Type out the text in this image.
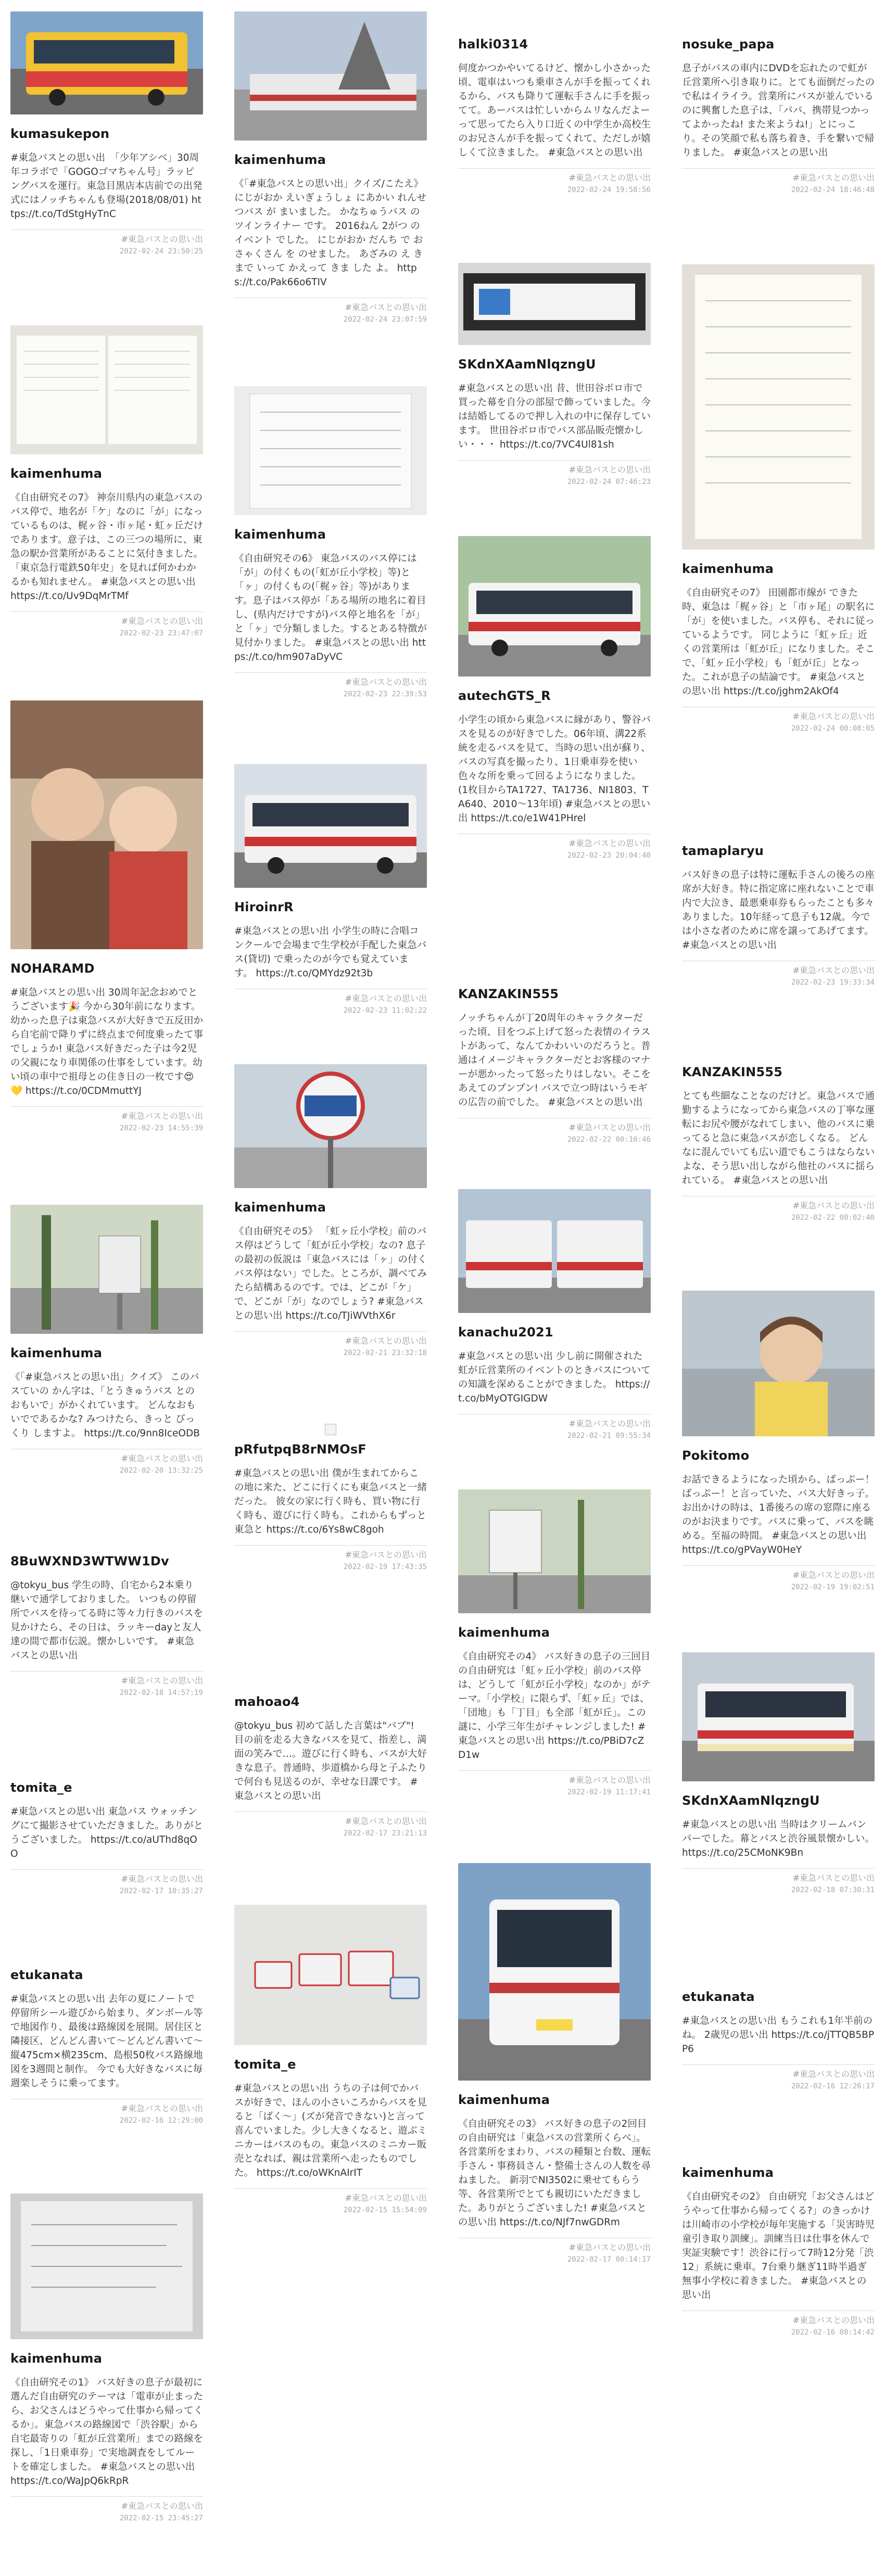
kumasukepon
#東急バスとの思い出　「少年アシベ」30周年コラボで「GOGOゴマちゃん号」ラッピングバスを運行。東急目黒店本店前での出発式にはノッチちゃんも登場(2018/08/01) https://t.co/TdStgHyTnC
#東急バスとの思い出
2022-02-24 23:50:25
kaimenhuma
《自由研究その7》 神奈川県内の東急バスのバス停で、地名が「ケ」なのに「が」になっているものは、梶ヶ谷・市ヶ尾・虹ヶ丘だけであります。意子は、この三つの場所に、東急の駅か営業所があることに気付きました。「東京急行電鉄50年史」を見れば何かわかるかも知れません。 #東急バスとの思い出 https://t.co/Uv9DqMrTMf
#東急バスとの思い出
2022-02-23 23:47:07
NOHARAMD
#東急バスとの思い出 30周年記念おめでとうございます🎉 今から30年前になります。幼かった息子は東急バスが大好きで五反田から自宅前で降りずに終点まで何度乗ったて事でしょうか! 東急バス好きだった子は今2児の父親になり車関係の仕事をしています。幼い頃の車中で祖母との住き日の一枚です😍💛 https://t.co/0CDMmuttYJ
#東急バスとの思い出
2022-02-23 14:55:39
kaimenhuma
《「#東急バスとの思い出」クイズ》 このバスていの かん字は、「とうきゅうバス とのおもいで」がかくれています。 どんなおもいでであるかな? みつけたら、きっと びっくり しますよ。 https://t.co/9nn8IceODB
#東急バスとの思い出
2022-02-20 13:32:25
8BuWXND3WTWW1Dv
@tokyu_bus 学生の時、自宅から2本乗り継いで通学しておりました。 いつもの停留所でバスを待ってる時に等々力行きのバスを見かけたら、その日は、ラッキーdayと友人達の間で都市伝説。懐かしいです。 #東急バスとの思い出
#東急バスとの思い出
2022-02-18 14:57:19
tomita_e
#東急バスとの思い出 東急バス ウォッチングにて撮影させていただきました。ありがとうございました。 https://t.co/aUThd8qOO
#東急バスとの思い出
2022-02-17 10:35:27
etukanata
#東急バスとの思い出 去年の夏にノートで停留所シール遊びから始まり、ダンボール等で地図作り、最後は路線図を展開。居住区と隣接区、どんどん書いて〜どんどん書いて〜縦475cm×横235cm、島根50枚バス路線地図を3週間と制作。 今でも大好きなバスに毎週楽しそうに乗ってます。
#東急バスとの思い出
2022-02-16 12:29:00
kaimenhuma
《自由研究その1》 バス好きの息子が最初に選んだ自由研究のテーマは「電車が止まったら、お父さんはどうやって仕事から帰ってくるか」。東急バスの路線図で「渋谷駅」から自宅最寄りの「虹が丘営業所」までの路線を探し、「1日乗車券」で実地調査をしてルートを確定しました。 #東急バスとの思い出 https://t.co/WaJpQ6kRpR
#東急バスとの思い出
2022-02-15 23:45:27
kaimenhuma
《「#東急バスとの思い出」クイズ/こたえ》 にじがおか えいぎょうしょ にあかい れんせつバス が まいました。 かなちゅうバス の ツインライナー です。 2016ねん 2がつ の イベント でした。 にじがおか だんち で おさゃくさん を のせました。 あざみの え き まで いって かえって きま した よ。 https://t.co/Pak66o6TIV
#東急バスとの思い出
2022-02-24 23:07:59
kaimenhuma
《自由研究その6》 東急バスのバス停には「が」の付くもの(「虹が丘小学校」等)と「ヶ」の付くもの(「梶ヶ谷」等)があります。息子はバス停が「ある場所の地名に着目し、(県内だけですが)バス停と地名を「が」と「ヶ」で分類しました。するとある特徴が見付かりました。 #東急バスとの思い出 https://t.co/hm907aDyVC
#東急バスとの思い出
2022-02-23 22:39:53
HiroinrR
#東急バスとの思い出 小学生の時に合唱コンクールで会場まで生学校が手配した東急バス(貸切) で乗ったのが今でも覚えています。 https://t.co/QMYdz92t3b
#東急バスとの思い出
2022-02-23 11:02:22
kaimenhuma
《自由研究その5》 「虹ヶ丘小学校」前のバス停はどうして「虹が丘小学校」なの? 息子の最初の仮説は「東急バスには「ヶ」の付くバス停はない」でした。ところが、調べてみたら結構あるのです。では、どこが「ケ」で、どこが「が」なのでしょう? #東急バスとの思い出 https://t.co/TJiWVthX6r
#東急バスとの思い出
2022-02-21 23:32:18
pRfutpqB8rNMOsF
#東急バスとの思い出 僕が生まれてからこの地に来た、どこに行くにも東急バスと一緒だった。 彼女の家に行く時も、買い物に行く時も、遊びに行く時も。これからもずっと東急と https://t.co/6Ys8wC8goh
#東急バスとの思い出
2022-02-19 17:43:35
mahoao4
@tokyu_bus 初めて話した言葉は"バブ"! 目の前を走る大きなバスを見て、指差し、満面の笑みで…。遊びに行く時も、バスが大好きな息子。普通時、歩道橋から母と子ふたりで何台も見送るのが、幸せな日課です。 #東急バスとの思い出
#東急バスとの思い出
2022-02-17 23:21:13
tomita_e
#東急バスとの思い出 うちの子は何でかバスが好きで、ほんの小さいころからバスを見ると「ばく〜」(ズが発音できない)と言って喜んでいました。少し大きくなると、遊ぶミニカーはバスのもの。東急バスのミニカー販売となれば、親は営業所へ走ったものでした。 https://t.co/oWKnAIrIT
#東急バスとの思い出
2022-02-15 15:54:09
halki0314
何度かつかやいてるけど、懐かし小さかった頃、電車はいつも乗車さんが手を振ってくれるから、バスも降りて運転手さんに手を振ってて。あーバスは忙しいからムリなんだよーって思ってたら入り口近くの中学生か高校生のお兄さんが手を振ってくれて、ただしが嬉しくて泣きました。 #東急バスとの思い出
#東急バスとの思い出
2022-02-24 19:58:56
SKdnXAamNlqzngU
#東急バスとの思い出 昔、世田谷ボロ市で買った幕を自分の部屋で飾っていました。今は結婚してるので押し入れの中に保存しています。 世田谷ボロ市でバス部品販売懐かしい・・・ https://t.co/7VC4Ul81sh
#東急バスとの思い出
2022-02-24 07:46:23
autechGTS_R
小学生の頃から東急バスに縁があり、警谷バスを見るのが好きでした。06年頃、溝22系統を走るバスを見て、当時の思い出が蘇り、バスの写真を撮ったり、1日乗車券を使い色々な所を乗って回るようになりました。(1枚目からTA1727、TA1736、NI1803、TA640、2010〜13年頃) #東急バスとの思い出 https://t.co/e1W41PHrel
#東急バスとの思い出
2022-02-23 20:04:40
KANZAKIN555
ノッチちゃんが丁20周年のキャラクターだった頃、目をつぶ上げて怒った表情のイラストがあって、なんてかわいいのだろうと。普通はイメージキャラクターだとお客様のマナーが悪かったって怒ったりはしない。そこをあえてのプンプン! バスで立つ時はいうモギの広告の前でした。 #東急バスとの思い出
#東急バスとの思い出
2022-02-22 00:10:46
kanachu2021
#東急バスとの思い出 少し前に開催された虹が丘営業所のイベントのときバスについての知識を深めることができました。 https://t.co/bMyOTGIGDW
#東急バスとの思い出
2022-02-21 09:55:34
kaimenhuma
《自由研究その4》 バス好きの息子の三回目の自由研究は「虹ヶ丘小学校」前のバス停は、どうして「虹が丘小学校」なのか」がテーマ。「小学校」に限らず、「虹ヶ丘」では、「団地」も「丁目」も全部「虹が丘」。この謎に、小学三年生がチャレンジしました! #東急バスとの思い出 https://t.co/PBiD7cZD1w
#東急バスとの思い出
2022-02-19 11:17:41
kaimenhuma
《自由研究その3》 バス好きの息子の2回目の自由研究は「東急バスの営業所くらべ」。各営業所をまわり、バスの種類と台数、運転手さん・事務員さん・整備士さんの人数を尋ねました。 新羽でNI3502に乗せてもらう等、各営業所でとても親切にいただきました。ありがとうございました! #東急バスとの思い出 https://t.co/NJf7nwGDRm
#東急バスとの思い出
2022-02-17 00:14:17
nosuke_papa
息子がバスの車内にDVDを忘れたので虹が丘営業所へ引き取りに。とても面倒だったので私はイライラ。営業所にバスが並んでいるのに興奮した息子は、「パパ、携帯見つかってよかったね! また来ようね!」とにっこり。その笑顔で私も落ち着き、手を繋いで帰りました。 #東急バスとの思い出
#東急バスとの思い出
2022-02-24 18:46:48
kaimenhuma
《自由研究その7》 田園都市線が できた時、東急は「梶ヶ谷」と「市ヶ尾」の駅名に「が」を使いました。バス停も、それに従っているようです。 同じように「虹ヶ丘」近くの営業所は「虹が丘」になりました。そこで、「虹ヶ丘小学校」も「虹が丘」となった。これが息子の結論です。 #東急バスとの思い出 https://t.co/jghm2AkOf4
#東急バスとの思い出
2022-02-24 00:08:05
tamaplaryu
バス好きの息子は特に運転手さんの後ろの座席が大好き。特に指定席に座れないことで車内で大泣き、最悪乗車券もらったことも多々ありました。10年経って息子も12歳。今では小さな者のために席を譲ってあげてます。 #東急バスとの思い出
#東急バスとの思い出
2022-02-23 19:33:34
KANZAKIN555
とても些細なことなのだけど。東急バスで通勤するようになってから東急バスの丁寧な運転にお尻や腰がなれてしまい、他のバスに乗ってると急に東急バスが恋しくなる。 どんなに混んでいても広い道でもこうはならないよな、そう思い出しながら他社のバスに揺られている。 #東急バスとの思い出
#東急バスとの思い出
2022-02-22 00:02:40
Pokitomo
お話できるようになった頃から、ばっぷー！ばっぷー！と言っていた、バス大好きっ子。お出かけの時は、1番後ろの席の窓際に座るのがお決まりです。バスに乗って、バスを眺める。至福の時間。 #東急バスとの思い出 https://t.co/gPVayW0HeY
#東急バスとの思い出
2022-02-19 19:02:51
SKdnXAamNlqzngU
#東急バスとの思い出 当時はクリームバンパーでした。幕とバスと渋谷風景懐かしい。 https://t.co/25CMoNK9Bn
#東急バスとの思い出
2022-02-18 07:30:31
etukanata
#東急バスとの思い出 もうこれも1年半前のね。 2歳児の思い出 https://t.co/jTTQB5BPP6
#東急バスとの思い出
2022-02-16 12:26:17
kaimenhuma
《自由研究その2》 自由研究「お父さんはどうやって仕事から帰ってくる?」のきっかけは川崎市の小学校が毎年実施する「災害時児童引き取り訓練」。訓練当日は仕事を休んで実証実験です！渋谷に行って7時12分発「渋12」系統に乗車。7台乗り継ぎ11時半過ぎ無事小学校に着きました。 #東急バスとの思い出
#東急バスとの思い出
2022-02-16 08:14:42
